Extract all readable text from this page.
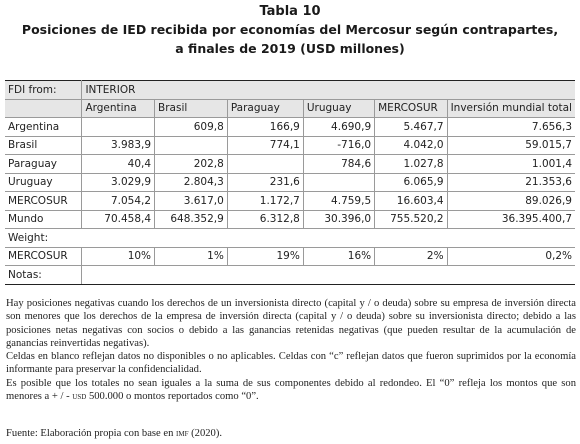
Tabla 10
Posiciones de IED recibida por economías del Mercosur según contrapartes,
a finales de 2019 (USD millones)
FDI from:	INTERIOR					
	Argentina	Brasil	Paraguay	Uruguay	MERCOSUR	Inversión mundial total
Argentina		609,8	166,9	4.690,9	5.467,7	7.656,3
Brasil	3.983,9		774,1	-716,0	4.042,0	59.015,7
Paraguay	40,4	202,8		784,6	1.027,8	1.001,4
Uruguay	3.029,9	2.804,3	231,6		6.065,9	21.353,6
MERCOSUR	7.054,2	3.617,0	1.172,7	4.759,5	16.603,4	89.026,9
Mundo	70.458,4	648.352,9	6.312,8	30.396,0	755.520,2	36.395.400,7
Weight:						
MERCOSUR	10%	1%	19%	16%	2%	0,2%
Notas:						

Hay posiciones negativas cuando los derechos de un inversionista directo (capital y / o deuda) sobre su empresa de inversión directa son menores que los derechos de la empresa de inversión directa (capital y / o deuda) sobre su inversionista directo; debido a las posiciones netas negativas con socios o debido a las ganancias retenidas negativas (que pueden resultar de la acumulación de ganancias reinvertidas negativas).

Celdas en blanco reflejan datos no disponibles o no aplicables. Celdas con “c” reflejan datos que fueron suprimidos por la economía informante para preservar la confidencialidad.

Es posible que los totales no sean iguales a la suma de sus componentes debido al redondeo. El “0” refleja los montos que son menores a + / - usd 500.000 o montos reportados como “0”.

Fuente: Elaboración propia con base en imf (2020).
